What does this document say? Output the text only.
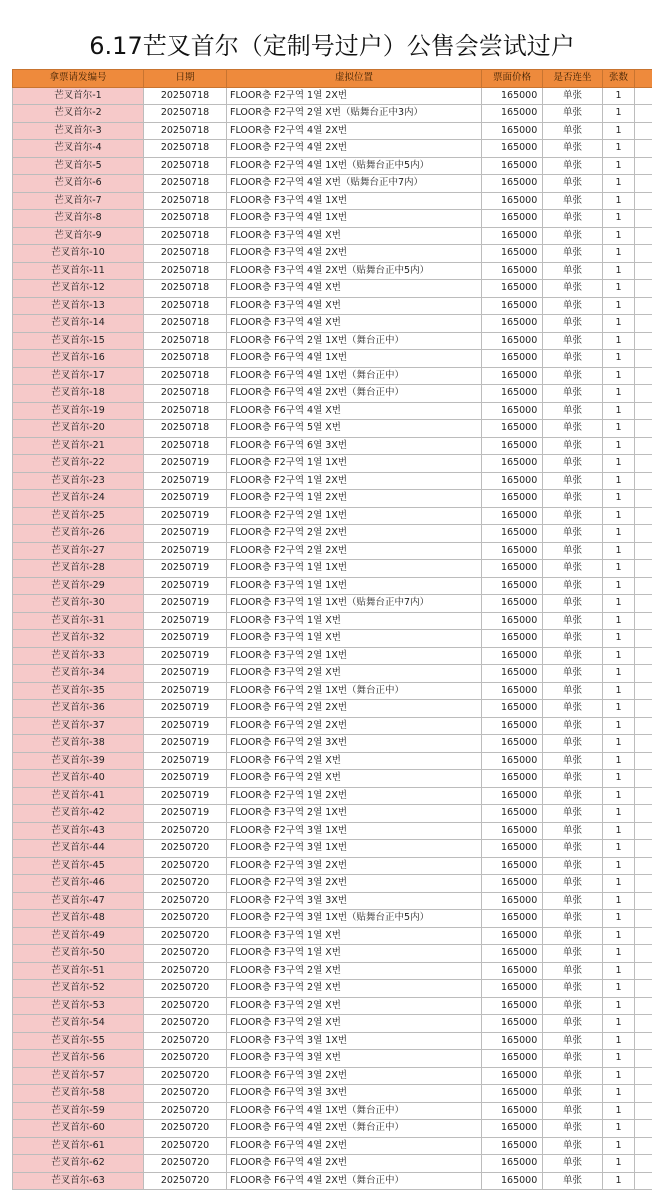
6.17芒叉首尔（定制号过户）公售会尝试过户
拿票请发编号	日期	虚拟位置	票面价格	是否连坐	张数	
芒叉首尔-1	20250718	FLOOR층 F2구역 1열 2X번	165000	单张	1	
芒叉首尔-2	20250718	FLOOR층 F2구역 2열 X번（贴舞台正中3内）	165000	单张	1	
芒叉首尔-3	20250718	FLOOR층 F2구역 4열 2X번	165000	单张	1	
芒叉首尔-4	20250718	FLOOR층 F2구역 4열 2X번	165000	单张	1	
芒叉首尔-5	20250718	FLOOR층 F2구역 4열 1X번（贴舞台正中5内）	165000	单张	1	
芒叉首尔-6	20250718	FLOOR층 F2구역 4열 X번（贴舞台正中7内）	165000	单张	1	
芒叉首尔-7	20250718	FLOOR층 F3구역 4열 1X번	165000	单张	1	
芒叉首尔-8	20250718	FLOOR층 F3구역 4열 1X번	165000	单张	1	
芒叉首尔-9	20250718	FLOOR층 F3구역 4열 X번	165000	单张	1	
芒叉首尔-10	20250718	FLOOR층 F3구역 4열 2X번	165000	单张	1	
芒叉首尔-11	20250718	FLOOR층 F3구역 4열 2X번（贴舞台正中5内）	165000	单张	1	
芒叉首尔-12	20250718	FLOOR층 F3구역 4열 X번	165000	单张	1	
芒叉首尔-13	20250718	FLOOR층 F3구역 4열 X번	165000	单张	1	
芒叉首尔-14	20250718	FLOOR층 F3구역 4열 X번	165000	单张	1	
芒叉首尔-15	20250718	FLOOR층 F6구역 2열 1X번（舞台正中）	165000	单张	1	
芒叉首尔-16	20250718	FLOOR층 F6구역 4열 1X번	165000	单张	1	
芒叉首尔-17	20250718	FLOOR층 F6구역 4열 1X번（舞台正中）	165000	单张	1	
芒叉首尔-18	20250718	FLOOR층 F6구역 4열 2X번（舞台正中）	165000	单张	1	
芒叉首尔-19	20250718	FLOOR층 F6구역 4열 X번	165000	单张	1	
芒叉首尔-20	20250718	FLOOR층 F6구역 5열 X번	165000	单张	1	
芒叉首尔-21	20250718	FLOOR층 F6구역 6열 3X번	165000	单张	1	
芒叉首尔-22	20250719	FLOOR층 F2구역 1열 1X번	165000	单张	1	
芒叉首尔-23	20250719	FLOOR층 F2구역 1열 2X번	165000	单张	1	
芒叉首尔-24	20250719	FLOOR층 F2구역 1열 2X번	165000	单张	1	
芒叉首尔-25	20250719	FLOOR층 F2구역 2열 1X번	165000	单张	1	
芒叉首尔-26	20250719	FLOOR층 F2구역 2열 2X번	165000	单张	1	
芒叉首尔-27	20250719	FLOOR층 F2구역 2열 2X번	165000	单张	1	
芒叉首尔-28	20250719	FLOOR층 F3구역 1열 1X번	165000	单张	1	
芒叉首尔-29	20250719	FLOOR층 F3구역 1열 1X번	165000	单张	1	
芒叉首尔-30	20250719	FLOOR층 F3구역 1열 1X번（贴舞台正中7内）	165000	单张	1	
芒叉首尔-31	20250719	FLOOR층 F3구역 1열 X번	165000	单张	1	
芒叉首尔-32	20250719	FLOOR층 F3구역 1열 X번	165000	单张	1	
芒叉首尔-33	20250719	FLOOR층 F3구역 2열 1X번	165000	单张	1	
芒叉首尔-34	20250719	FLOOR층 F3구역 2열 X번	165000	单张	1	
芒叉首尔-35	20250719	FLOOR층 F6구역 2열 1X번（舞台正中）	165000	单张	1	
芒叉首尔-36	20250719	FLOOR층 F6구역 2열 2X번	165000	单张	1	
芒叉首尔-37	20250719	FLOOR층 F6구역 2열 2X번	165000	单张	1	
芒叉首尔-38	20250719	FLOOR층 F6구역 2열 3X번	165000	单张	1	
芒叉首尔-39	20250719	FLOOR층 F6구역 2열 X번	165000	单张	1	
芒叉首尔-40	20250719	FLOOR층 F6구역 2열 X번	165000	单张	1	
芒叉首尔-41	20250719	FLOOR층 F2구역 1열 2X번	165000	单张	1	
芒叉首尔-42	20250719	FLOOR층 F3구역 2열 1X번	165000	单张	1	
芒叉首尔-43	20250720	FLOOR층 F2구역 3열 1X번	165000	单张	1	
芒叉首尔-44	20250720	FLOOR층 F2구역 3열 1X번	165000	单张	1	
芒叉首尔-45	20250720	FLOOR층 F2구역 3열 2X번	165000	单张	1	
芒叉首尔-46	20250720	FLOOR층 F2구역 3열 2X번	165000	单张	1	
芒叉首尔-47	20250720	FLOOR층 F2구역 3열 3X번	165000	单张	1	
芒叉首尔-48	20250720	FLOOR층 F2구역 3열 1X번（贴舞台正中5内）	165000	单张	1	
芒叉首尔-49	20250720	FLOOR층 F3구역 1열 X번	165000	单张	1	
芒叉首尔-50	20250720	FLOOR층 F3구역 1열 X번	165000	单张	1	
芒叉首尔-51	20250720	FLOOR층 F3구역 2열 X번	165000	单张	1	
芒叉首尔-52	20250720	FLOOR층 F3구역 2열 X번	165000	单张	1	
芒叉首尔-53	20250720	FLOOR층 F3구역 2열 X번	165000	单张	1	
芒叉首尔-54	20250720	FLOOR층 F3구역 2열 X번	165000	单张	1	
芒叉首尔-55	20250720	FLOOR층 F3구역 3열 1X번	165000	单张	1	
芒叉首尔-56	20250720	FLOOR층 F3구역 3열 X번	165000	单张	1	
芒叉首尔-57	20250720	FLOOR층 F6구역 3열 2X번	165000	单张	1	
芒叉首尔-58	20250720	FLOOR층 F6구역 3열 3X번	165000	单张	1	
芒叉首尔-59	20250720	FLOOR층 F6구역 4열 1X번（舞台正中）	165000	单张	1	
芒叉首尔-60	20250720	FLOOR층 F6구역 4열 2X번（舞台正中）	165000	单张	1	
芒叉首尔-61	20250720	FLOOR층 F6구역 4열 2X번	165000	单张	1	
芒叉首尔-62	20250720	FLOOR층 F6구역 4열 2X번	165000	单张	1	
芒叉首尔-63	20250720	FLOOR층 F6구역 4열 2X번（舞台正中）	165000	单张	1	
